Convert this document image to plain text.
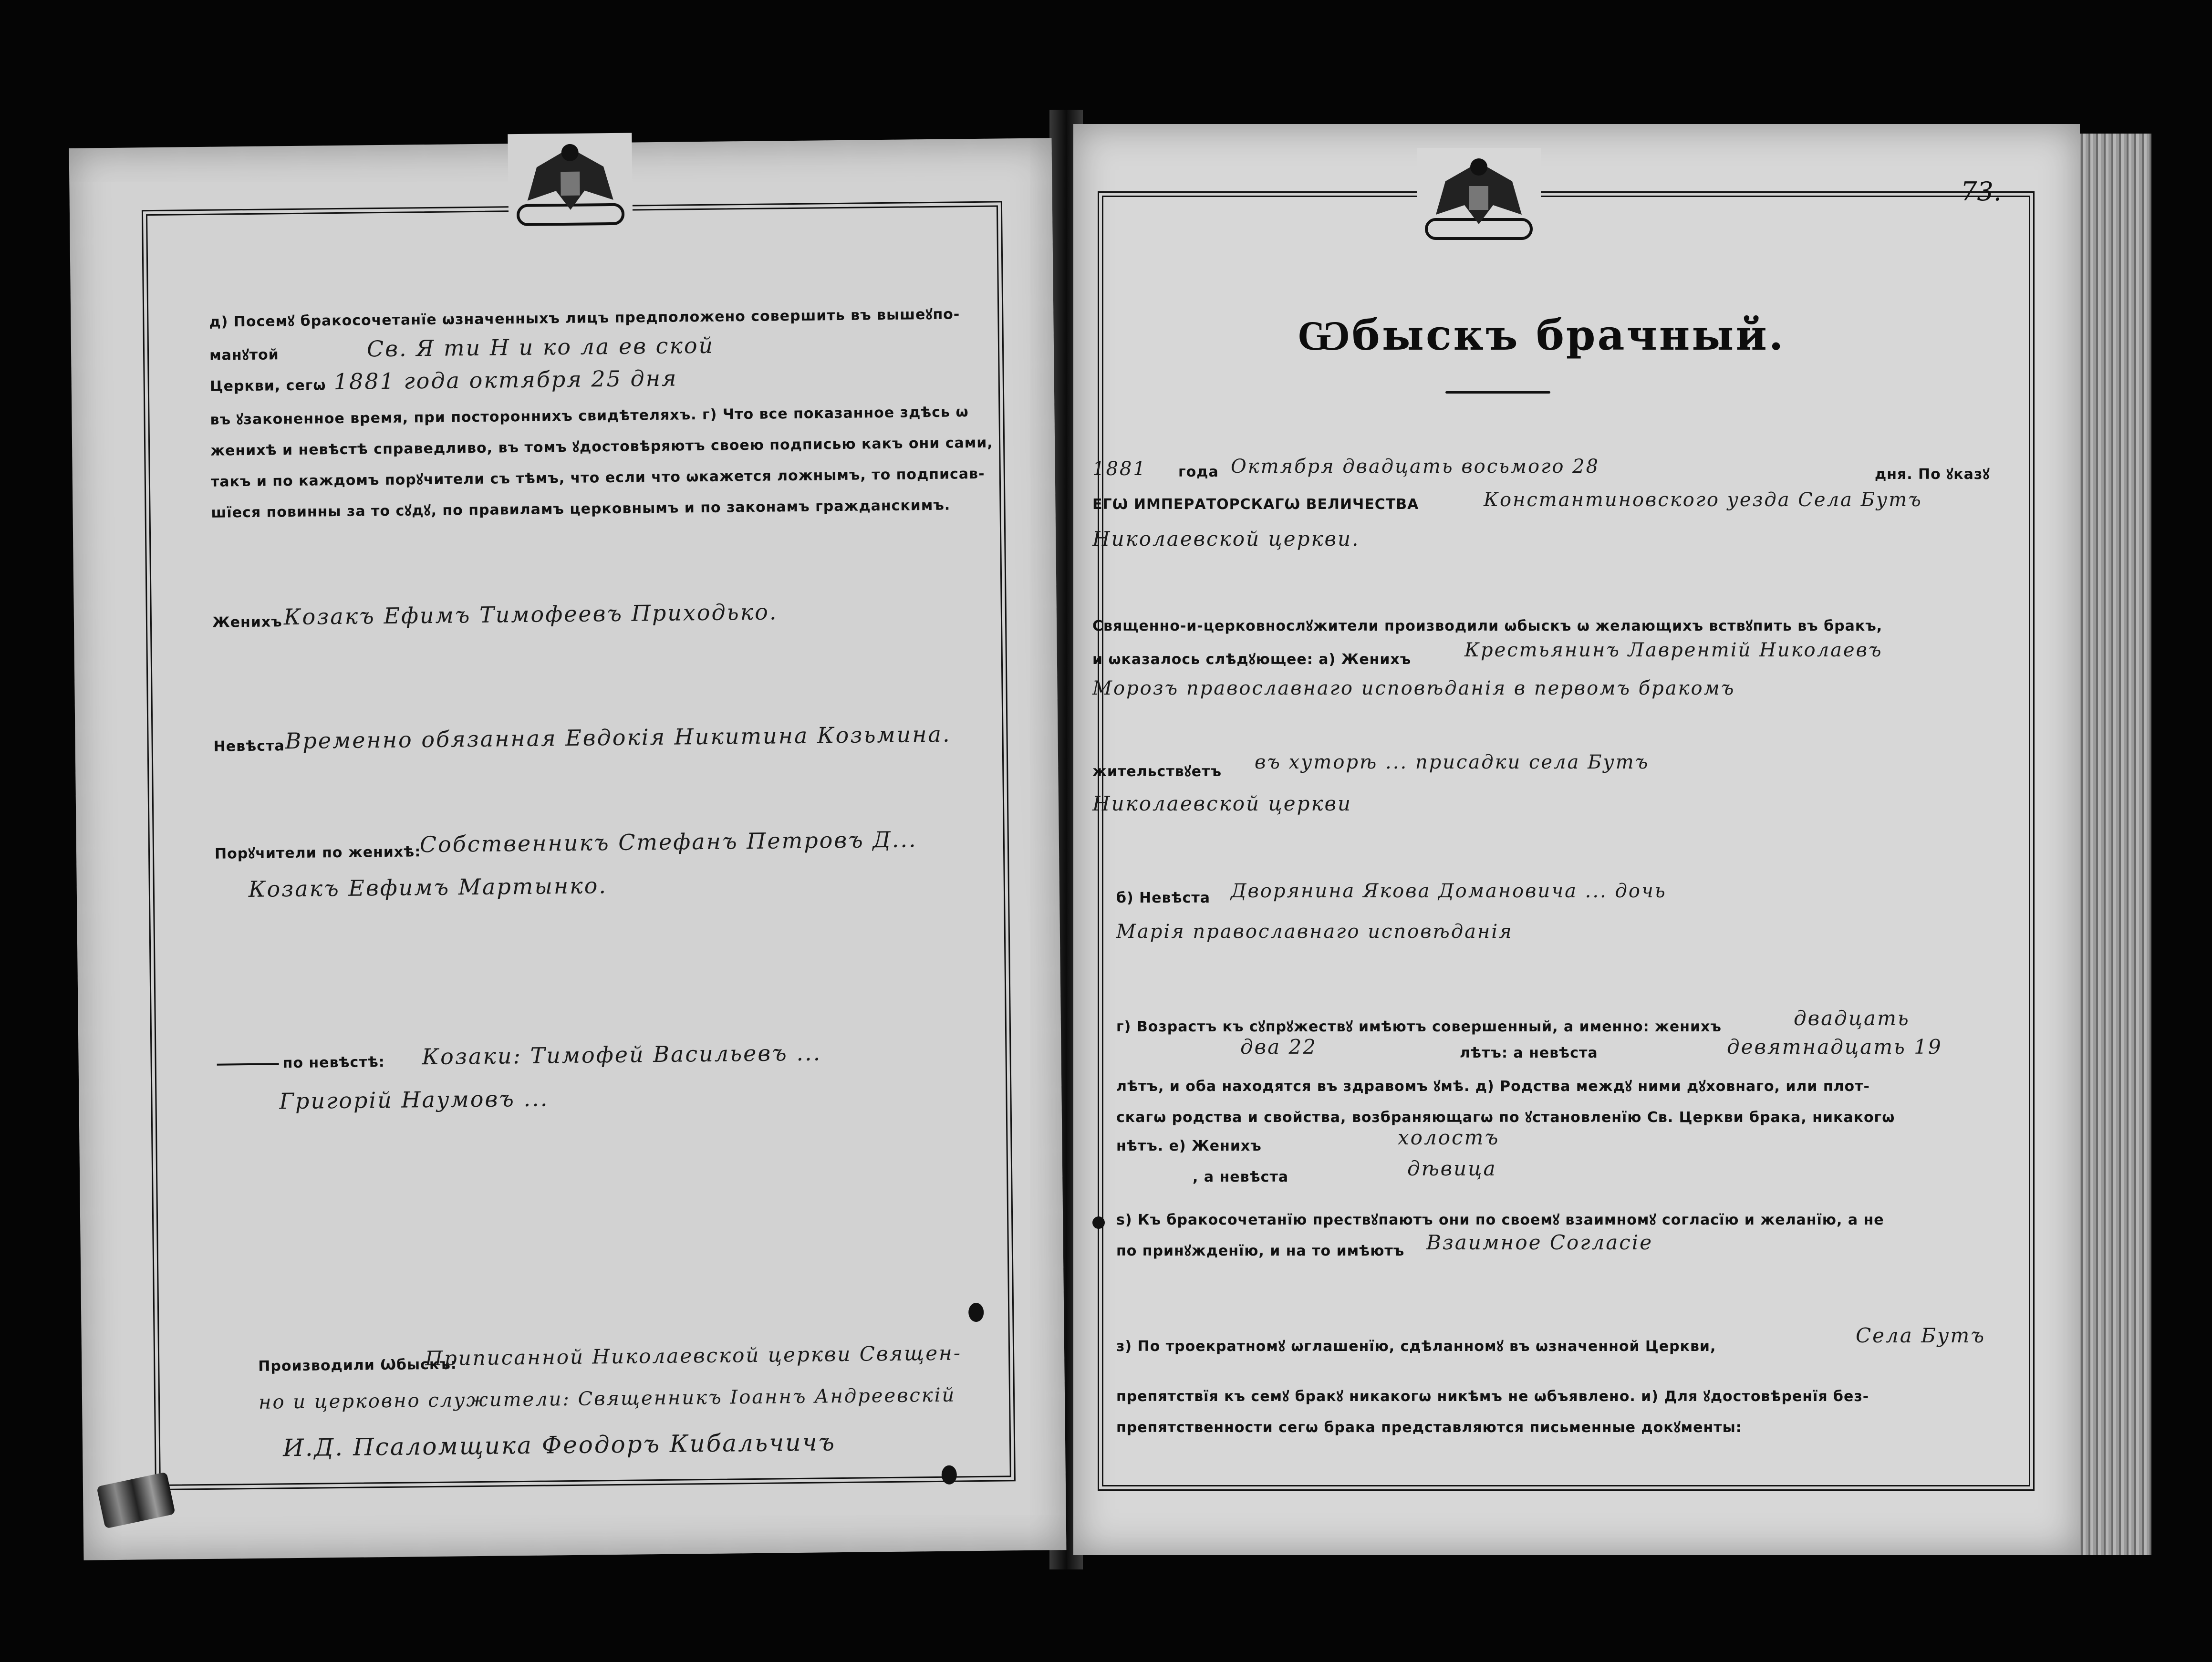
д) Посемꙋ бракосочетанїе ѡзначенныхъ лицъ предположено совершить въ вышеꙋпо-
манꙋтой	Св. Я ти Н и ко ла ев ской
Церкви, сегѡ 1881 года октября 25 дня
въ ꙋзаконенное время, при постороннихъ свидѣтеляхъ. г) Что все показанное здѣсь ѡ
женихѣ и невѣстѣ справедливо, въ томъ ꙋдостовѣряютъ своею подписью какъ они сами,
такъ и по каждомъ порꙋчители съ тѣмъ, что если что ѡкажется ложнымъ, то подписав-
шїеся повинны за то сꙋдꙋ, по правиламъ церковнымъ и по законамъ гражданскимъ.
Женихъ Козакъ Ефимъ Тимофеевъ Приходько.
Невѣста Временно обязанная Евдокія Никитина Козьмина.
Порꙋчители по женихѣ:
Собственникъ Стефанъ Петровъ Д...
Козакъ Евфимъ Мартынко.
по невѣстѣ: Козаки: Тимофей Васильевъ ...
Григорій Наумовъ ...
Производили Ѡбыскъ:
Приписанной Николаевской церкви Священ-
но и церковно служители: Священникъ Іоаннъ Андреевскій
И.Д. Псаломщика Феодоръ Кибальчичъ
73.
Ѡбыскъ брачный.
1881 года Октября двадцать восьмого 28	дня. По ꙋказꙋ
ЕГѠ ИМПЕРАТОРСКАГѠ ВЕЛИЧЕСТВА	Константиновского уезда Села Бутъ
Николаевской церкви.
Священно-и-церковнослꙋжители производили ѡбыскъ ѡ желающихъ вствꙋпить въ бракъ,
и ѡказалось слѣдꙋющее: а) Женихъ	Крестьянинъ Лаврентій Николаевъ
Морозъ православнаго исповѣданія в первомъ бракомъ
жительствꙋетъ въ хуторѣ ... присадки села Бутъ
Николаевской церкви
б) Невѣста Дворянина Якова Домановича ... дочь
Марія православнаго исповѣданія
г) Возрастъ къ сꙋпрꙋжествꙋ имѣютъ совершенный, а именно: женихъ	двадцать
два 22	лѣтъ: а невѣста	девятнадцать 19
лѣтъ, и оба находятся въ здравомъ ꙋмѣ. д) Родства междꙋ ними дꙋховнаго, или плот-
скагѡ родства и свойства, возбраняющагѡ по ꙋстановленїю Св. Церкви брака, никакогѡ
нѣтъ. е) Женихъ	холостъ
, а невѣста	дѣвица
ѕ) Къ бракосочетанїю прествꙋпаютъ они по своемꙋ взаимномꙋ согласїю и желанїю, а не
по принꙋжденїю, и на то имѣютъ Взаимное Согласіе
з) По троекратномꙋ ѡглашенїю, сдѣланномꙋ въ ѡзначенной Церкви,	Села Бутъ
препятствїя къ семꙋ бракꙋ никакогѡ никѣмъ не ѡбъявлено. и) Для ꙋдостовѣренїя без-
препятственности сегѡ брака представляются письменные докꙋменты:
